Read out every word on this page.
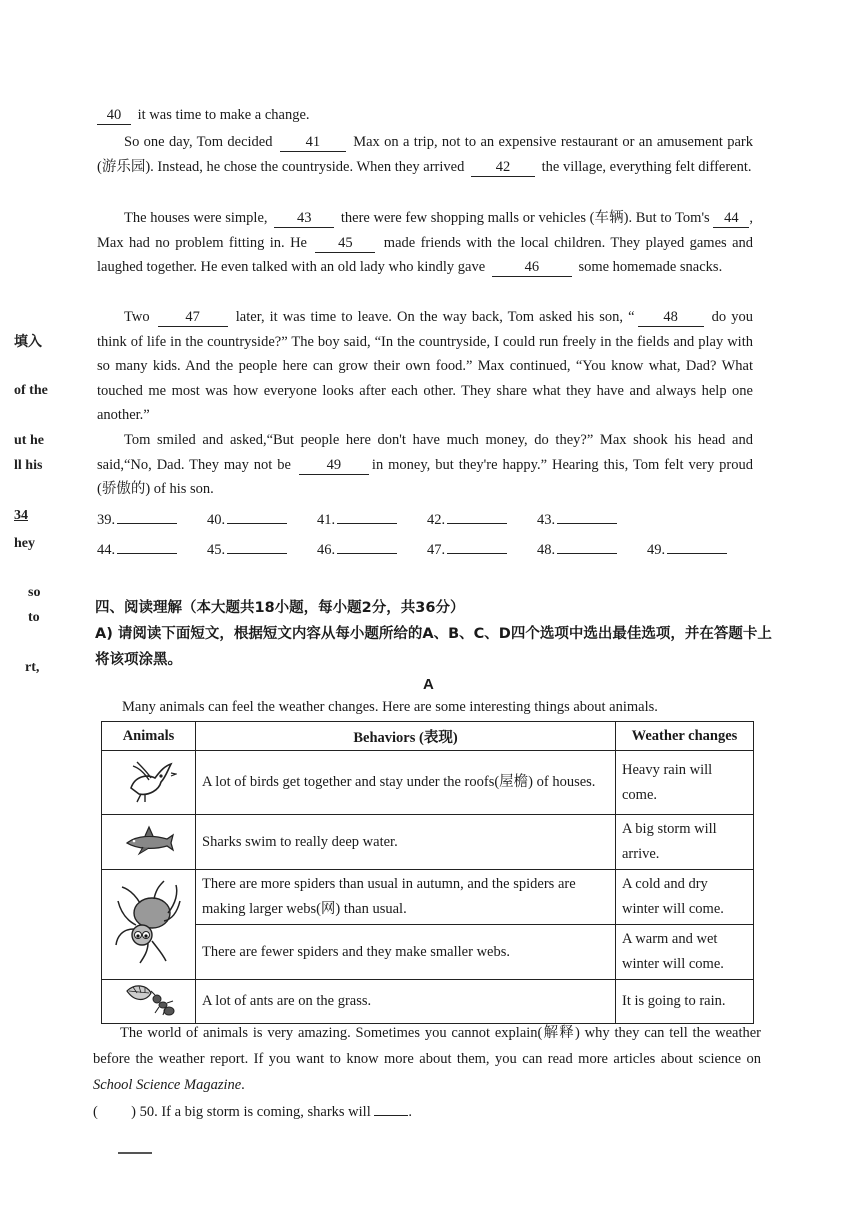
填入
of the
ut he
ll his
34
hey
so
to
rt,
40 it was time to make a change.
So one day, Tom decided 41 Max on a trip, not to an expensive restaurant or an amusement park (游乐园). Instead, he chose the countryside. When they arrived 42 the village, everything felt different.
The houses were simple, 43 there were few shopping malls or vehicles (车辆). But to Tom's 44 , Max had no problem fitting in. He 45 made friends with the local children. They played games and laughed together. He even talked with an old lady who kindly gave 46 some homemade snacks.
Two 47 later, it was time to leave. On the way back, Tom asked his son, “ 48 do you think of life in the countryside?” The boy said, “In the countryside, I could run freely in the fields and play with so many kids. And the people here can grow their own food.” Max continued, “You know what, Dad? What touched me most was how everyone looks after each other. They share what they have and always help one another.”
Tom smiled and asked,“But people here don't have much money, do they?” Max shook his head and said,“No, Dad. They may not be 49 in money, but they're happy.” Hearing this, Tom felt very proud (骄傲的) of his son.
39.	40.	41.	42.	43.
44.	45.	46.	47.	48.	49.
四、阅读理解（本大题共18小题，每小题2分，共36分）
A) 请阅读下面短文，根据短文内容从每小题所给的A、B、C、D四个选项中选出最佳选项，并在答题卡上将该项涂黑。
A
Many animals can feel the weather changes. Here are some interesting things about animals.
Animals	Behaviors (表现)	Weather changes
	A lot of birds get together and stay under the roofs(屋檐) of houses.	Heavy rain will come.
	Sharks swim to really deep water.	A big storm will arrive.
	There are more spiders than usual in autumn, and the spiders are making larger webs(网) than usual.	A cold and dry winter will come.
	There are fewer spiders and they make smaller webs.	A warm and wet winter will come.
	A lot of ants are on the grass.	It is going to rain.
The world of animals is very amazing. Sometimes you cannot explain(解释) why they can tell the weather before the weather report. If you want to know more about them, you can read more articles about science on School Science Magazine.
( ) 50. If a big storm is coming, sharks will	.
